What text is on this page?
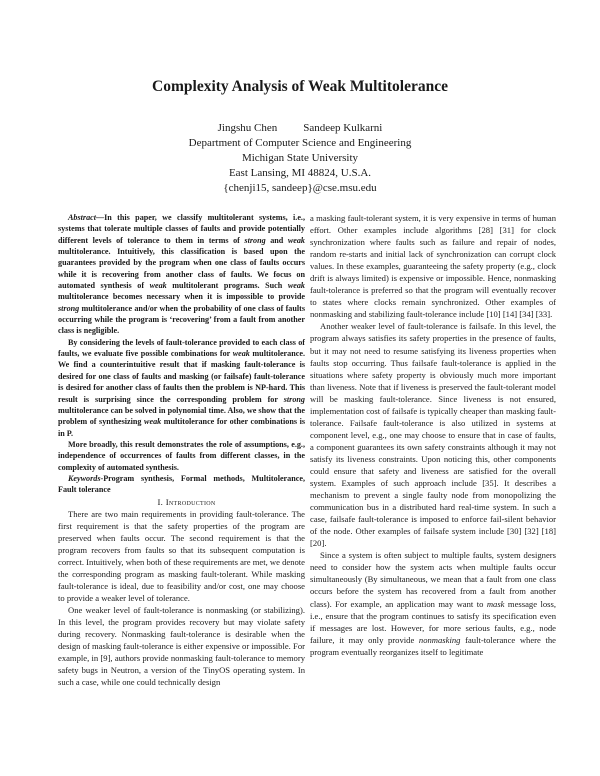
Complexity Analysis of Weak Multitolerance
Jingshu Chen Sandeep Kulkarni
Department of Computer Science and Engineering
Michigan State University
East Lansing, MI 48824, U.S.A.
{chenji15, sandeep}@cse.msu.edu

Abstract—In this paper, we classify multitolerant systems, i.e., systems that tolerate multiple classes of faults and provide potentially different levels of tolerance to them in terms of strong and weak multitolerance. Intuitively, this classification is based upon the guarantees provided by the program when one class of faults occurs while it is recovering from another class of faults. We focus on automated synthesis of weak multitolerant programs. Such weak multitolerance becomes necessary when it is impossible to provide strong multitolerance and/or when the probability of one class of faults occurring while the program is ‘recovering’ from a fault from another class is negligible.

By considering the levels of fault-tolerance provided to each class of faults, we evaluate five possible combinations for weak multitolerance. We find a counterintuitive result that if masking fault-tolerance is desired for one class of faults and masking (or failsafe) fault-tolerance is desired for another class of faults then the problem is NP-hard. This result is surprising since the corresponding problem for strong multitolerance can be solved in polynomial time. Also, we show that the problem of synthesizing weak multitolerance for other combinations is in P.

More broadly, this result demonstrates the role of assumptions, e.g., independence of occurrences of faults from different classes, in the complexity of automated synthesis.

Keywords-Program synthesis, Formal methods, Multitolerance, Fault tolerance

I. Introduction

There are two main requirements in providing fault-tolerance. The first requirement is that the safety properties of the program are preserved when faults occur. The second requirement is that the program recovers from faults so that its subsequent computation is correct. Intuitively, when both of these requirements are met, we denote the corresponding program as masking fault-tolerant. While masking fault-tolerance is ideal, due to feasibility and/or cost, one may choose to provide a weaker level of tolerance.

One weaker level of fault-tolerance is nonmasking (or stabilizing). In this level, the program provides recovery but may violate safety during recovery. Nonmasking fault-tolerance is desirable when the design of masking fault-tolerance is either expensive or impossible. For example, in [9], authors provide nonmasking fault-tolerance to memory safety bugs in Neutron, a version of the TinyOS operating system. In such a case, while one could technically design

a masking fault-tolerant system, it is very expensive in terms of human effort. Other examples include algorithms [28] [31] for clock synchronization where faults such as failure and repair of nodes, random re-starts and initial lack of synchronization can corrupt clock values. In these examples, guaranteeing the safety property (e.g., clock drift is always limited) is expensive or impossible. Hence, nonmasking fault-tolerance is preferred so that the program will eventually recover to states where clocks remain synchronized. Other examples of nonmasking and stabilizing fault-tolerance include [10] [14] [34] [33].

Another weaker level of fault-tolerance is failsafe. In this level, the program always satisfies its safety properties in the presence of faults, but it may not need to resume satisfying its liveness properties when faults stop occurring. Thus failsafe fault-tolerance is applied in the situations where safety property is obviously much more important than liveness. Note that if liveness is preserved the fault-tolerant model will be masking fault-tolerance. Since liveness is not ensured, implementation cost of failsafe is typically cheaper than masking fault-tolerance. Failsafe fault-tolerance is also utilized in systems at component level, e.g., one may choose to ensure that in case of faults, a component guarantees its own safety constraints although it may not satisfy its liveness constraints. Upon noticing this, other components could ensure that safety and liveness are satisfied for the overall system. Examples of such approach include [35]. It describes a mechanism to prevent a single faulty node from monopolizing the communication bus in a distributed hard real-time system. In such a case, failsafe fault-tolerance is imposed to enforce fail-silent behavior of the node. Other examples of failsafe system include [30] [32] [18] [20].

Since a system is often subject to multiple faults, system designers need to consider how the system acts when multiple faults occur simultaneously (By simultaneous, we mean that a fault from one class occurs before the system has recovered from a fault from another class). For example, an application may want to mask message loss, i.e., ensure that the program continues to satisfy its specification even if messages are lost. However, for more serious faults, e.g., node failure, it may only provide nonmasking fault-tolerance where the program eventually reorganizes itself to legitimate
